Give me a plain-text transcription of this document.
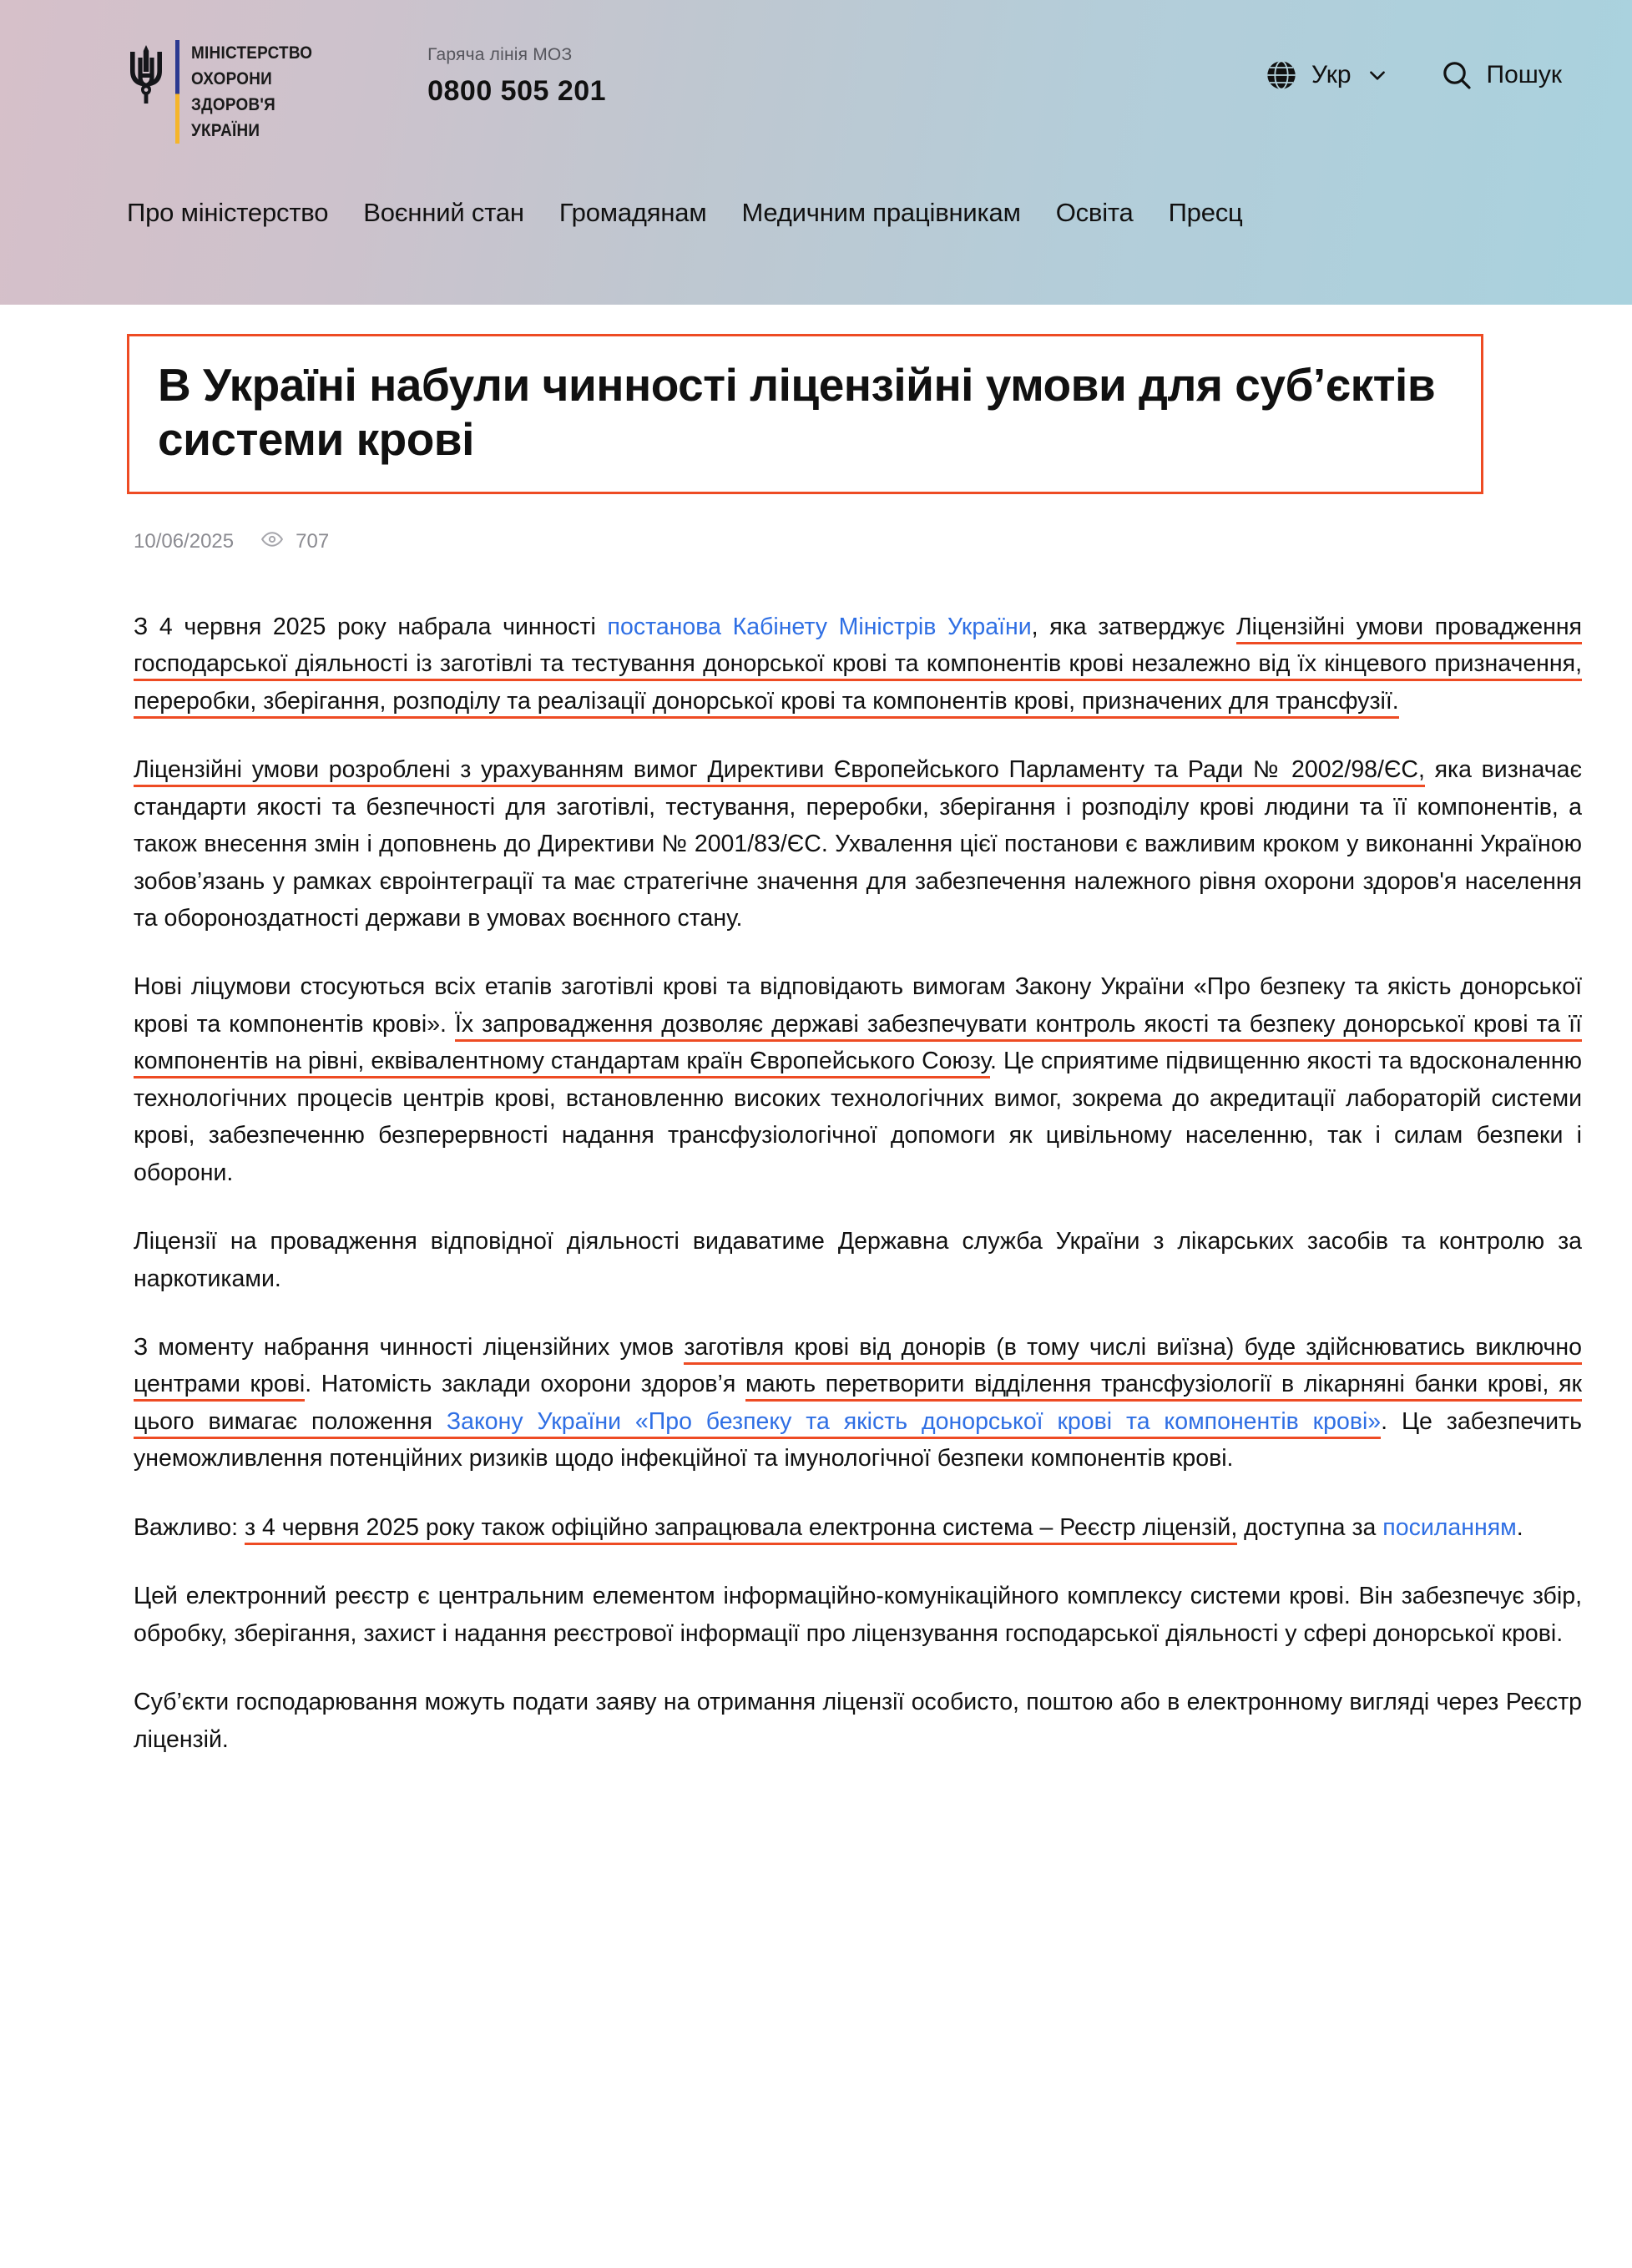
МІНІСТЕРСТВО
ОХОРОНИ
ЗДОРОВ'Я
УКРАЇНИ
Гаряча лінія МОЗ
0800 505 201
Укр	Пошук
Про міністерство Воєнний стан Громадянам Медичним працівникам Освіта Пресц
В Україні набули чинності ліцензійні умови для суб’єктів системи крові
10/06/2025	707

З 4 червня 2025 року набрала чинності постанова Кабінету Міністрів України, яка затверджує Ліцензійні умови провадження господарської діяльності із заготівлі та тестування донорської крові та компонентів крові незалежно від їх кінцевого призначення, переробки, зберігання, розподілу та реалізації донорської крові та компонентів крові, призначених для трансфузії.

Ліцензійні умови розроблені з урахуванням вимог Директиви Європейського Парламенту та Ради № 2002/98/ЄС, яка визначає стандарти якості та безпечності для заготівлі, тестування, переробки, зберігання і розподілу крові людини та її компонентів, а також внесення змін і доповнень до Директиви № 2001/83/ЄС. Ухвалення цієї постанови є важливим кроком у виконанні Україною зобов’язань у рамках євроінтеграції та має стратегічне значення для забезпечення належного рівня охорони здоров'я населення та обороноздатності держави в умовах воєнного стану.

Нові ліцумови стосуються всіх етапів заготівлі крові та відповідають вимогам Закону України «Про безпеку та якість донорської крові та компонентів крові». Їх запровадження дозволяє державі забезпечувати контроль якості та безпеку донорської крові та її компонентів на рівні, еквівалентному стандартам країн Європейського Союзу. Це сприятиме підвищенню якості та вдосконаленню технологічних процесів центрів крові, встановленню високих технологічних вимог, зокрема до акредитації лабораторій системи крові, забезпеченню безперервності надання трансфузіологічної допомоги як цивільному населенню, так і силам безпеки і оборони.

Ліцензії на провадження відповідної діяльності видаватиме Державна служба України з лікарських засобів та контролю за наркотиками.

З моменту набрання чинності ліцензійних умов заготівля крові від донорів (в тому числі виїзна) буде здійснюватись виключно центрами крові. Натомість заклади охорони здоров’я мають перетворити відділення трансфузіології в лікарняні банки крові, як цього вимагає положення Закону України «Про безпеку та якість донорської крові та компонентів крові». Це забезпечить унеможливлення потенційних ризиків щодо інфекційної та імунологічної безпеки компонентів крові.

Важливо: з 4 червня 2025 року також офіційно запрацювала електронна система – Реєстр ліцензій, доступна за посиланням.

Цей електронний реєстр є центральним елементом інформаційно-комунікаційного комплексу системи крові. Він забезпечує збір, обробку, зберігання, захист і надання реєстрової інформації про ліцензування господарської діяльності у сфері донорської крові.

Суб’єкти господарювання можуть подати заяву на отримання ліцензії особисто, поштою або в електронному вигляді через Реєстр ліцензій.
